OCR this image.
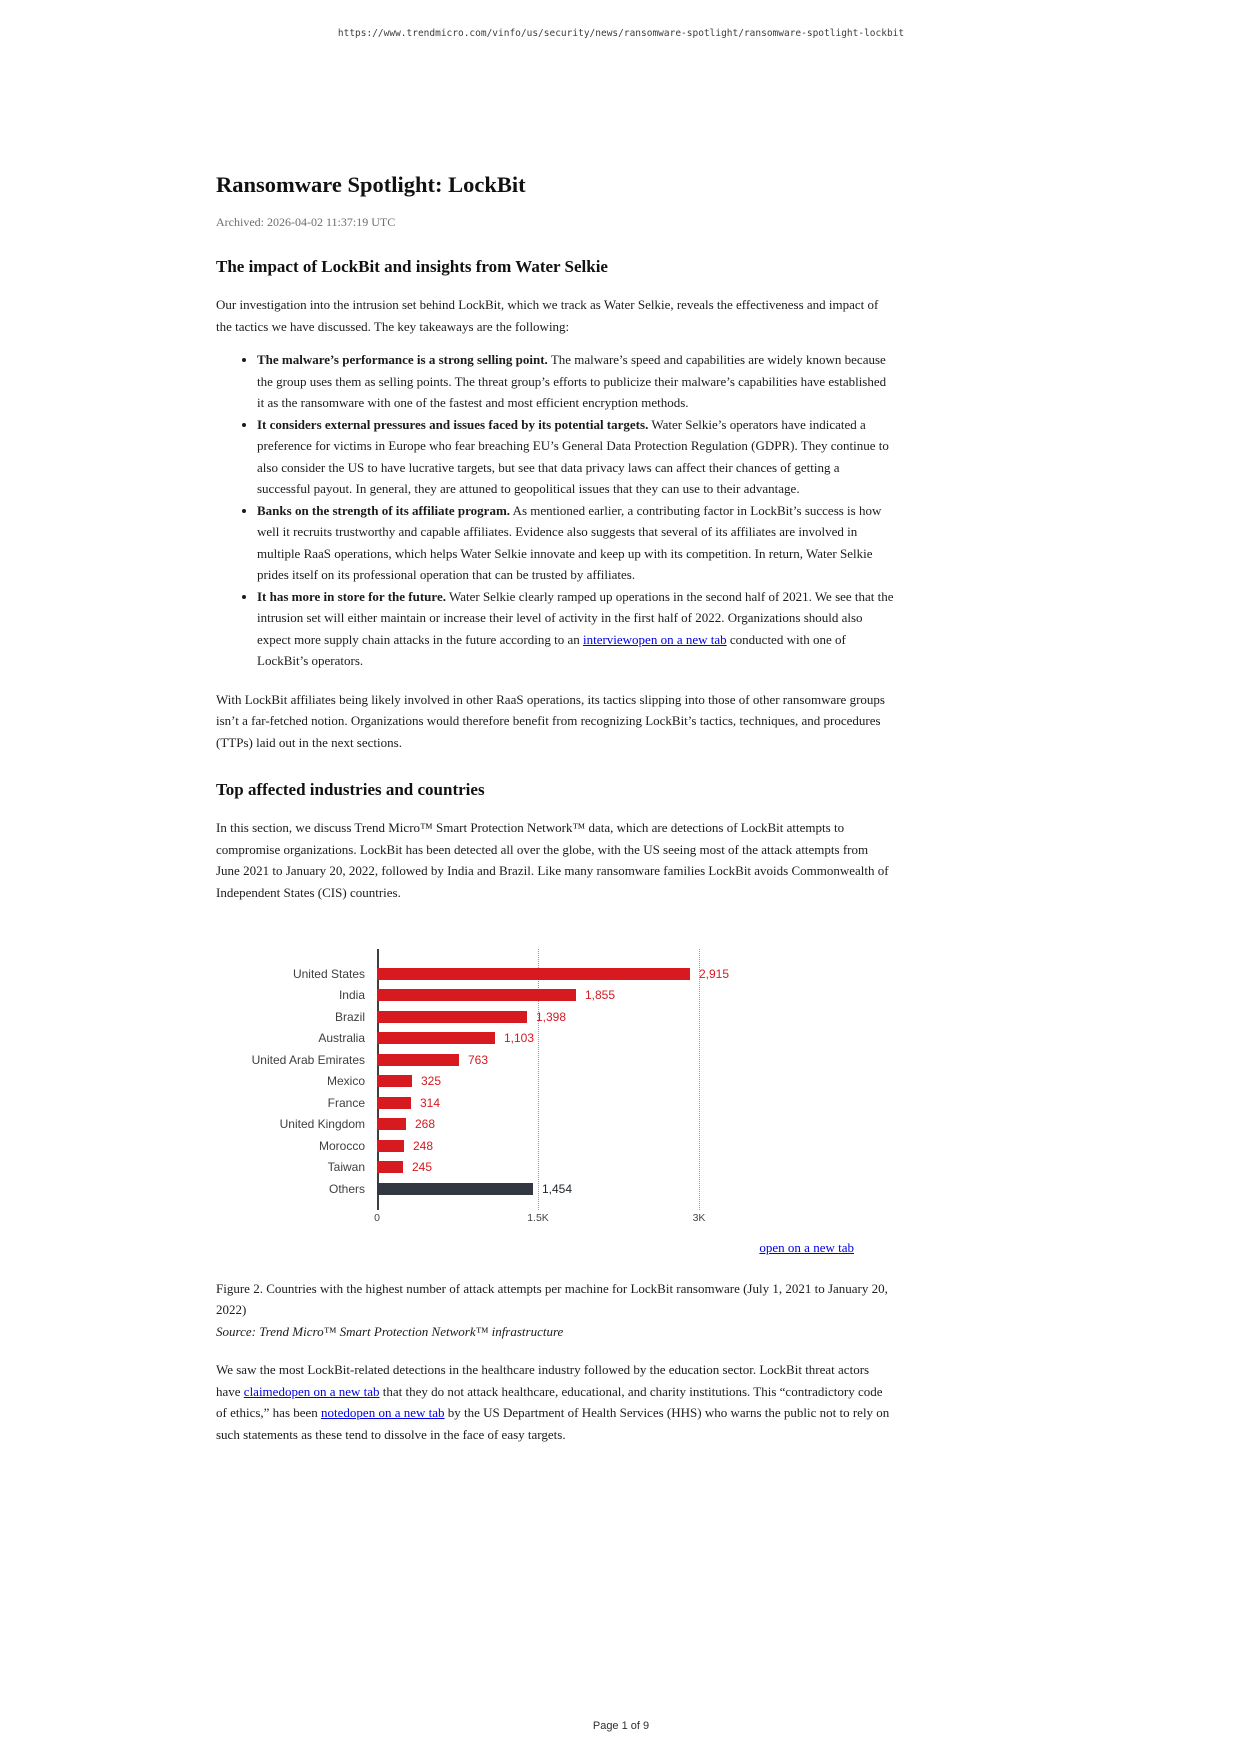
https://www.trendmicro.com/vinfo/us/security/news/ransomware-spotlight/ransomware-spotlight-lockbit
Ransomware Spotlight: LockBit
Archived: 2026-04-02 11:37:19 UTC
The impact of LockBit and insights from Water Selkie

Our investigation into the intrusion set behind LockBit, which we track as Water Selkie, reveals the effectiveness and impact of the tactics we have discussed. The key takeaways are the following:

• The malware’s performance is a strong selling point. The malware’s speed and capabilities are widely known because the group uses them as selling points. The threat group’s efforts to publicize their malware’s capabilities have established it as the ransomware with one of the fastest and most efficient encryption methods.
• It considers external pressures and issues faced by its potential targets. Water Selkie’s operators have indicated a preference for victims in Europe who fear breaching EU’s General Data Protection Regulation (GDPR). They continue to also consider the US to have lucrative targets, but see that data privacy laws can affect their chances of getting a successful payout. In general, they are attuned to geopolitical issues that they can use to their advantage.
• Banks on the strength of its affiliate program. As mentioned earlier, a contributing factor in LockBit’s success is how well it recruits trustworthy and capable affiliates. Evidence also suggests that several of its affiliates are involved in multiple RaaS operations, which helps Water Selkie innovate and keep up with its competition. In return, Water Selkie prides itself on its professional operation that can be trusted by affiliates.
• It has more in store for the future. Water Selkie clearly ramped up operations in the second half of 2021. We see that the intrusion set will either maintain or increase their level of activity in the first half of 2022. Organizations should also expect more supply chain attacks in the future according to an interviewopen on a new tab conducted with one of LockBit’s operators.

With LockBit affiliates being likely involved in other RaaS operations, its tactics slipping into those of other ransomware groups isn’t a far-fetched notion. Organizations would therefore benefit from recognizing LockBit’s tactics, techniques, and procedures (TTPs) laid out in the next sections.

Top affected industries and countries

In this section, we discuss Trend Micro™ Smart Protection Network™ data, which are detections of LockBit attempts to compromise organizations. LockBit has been detected all over the globe, with the US seeing most of the attack attempts from June 2021 to January 20, 2022, followed by India and Brazil. Like many ransomware families LockBit avoids Commonwealth of Independent States (CIS) countries.

United States	2,915
India	1,855
Brazil	1,398
Australia	1,103
United Arab Emirates	763
Mexico	325
France	314
United Kingdom	268
Morocco	248
Taiwan	245
Others	1,454
0	1.5K	3K
open on a new tab

Figure 2. Countries with the highest number of attack attempts per machine for LockBit ransomware (July 1, 2021 to January 20, 2022)

Source: Trend Micro™ Smart Protection Network™ infrastructure

We saw the most LockBit-related detections in the healthcare industry followed by the education sector. LockBit threat actors have claimedopen on a new tab that they do not attack healthcare, educational, and charity institutions. This “contradictory code of ethics,” has been notedopen on a new tab by the US Department of Health Services (HHS) who warns the public not to rely on such statements as these tend to dissolve in the face of easy targets.

Page 1 of 9
